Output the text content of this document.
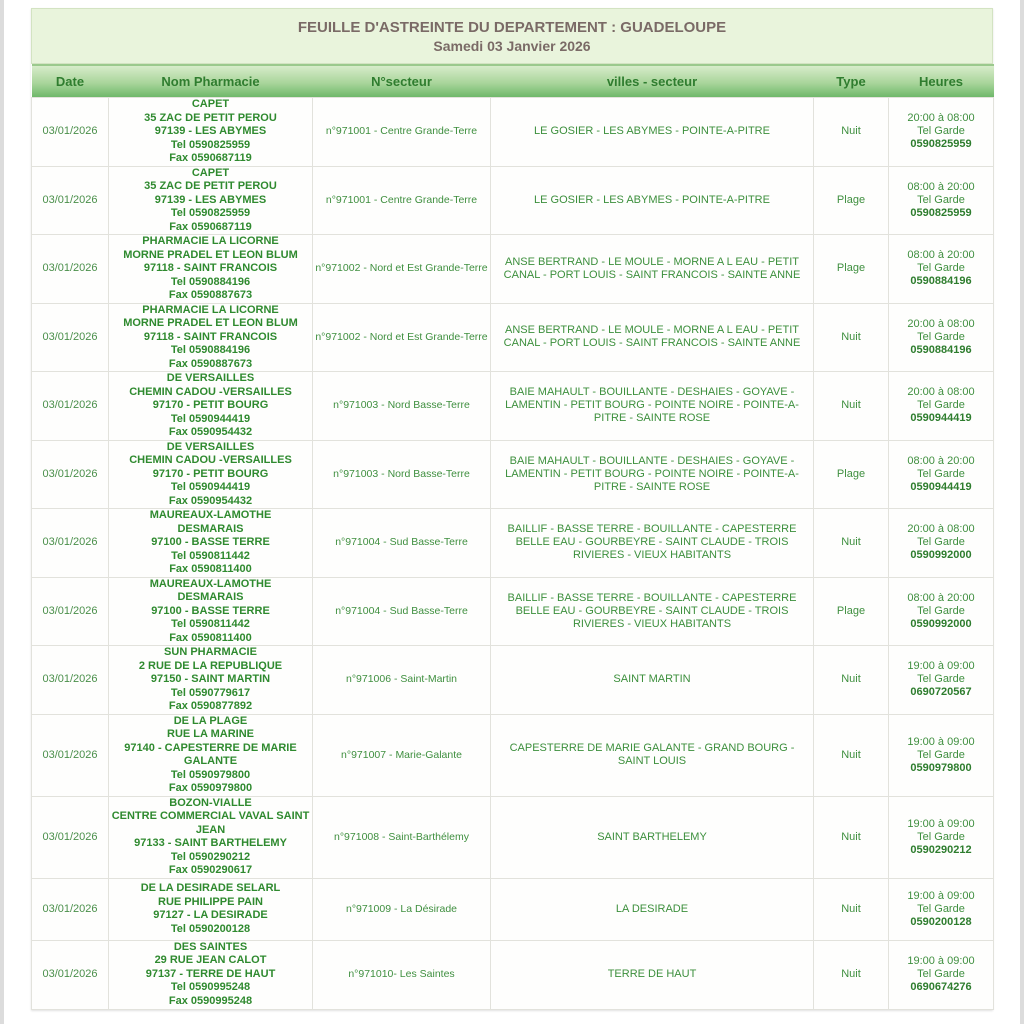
FEUILLE D'ASTREINTE DU DEPARTEMENT : GUADELOUPE
Samedi 03 Janvier 2026
Date	Nom Pharmacie	N°secteur	villes - secteur	Type	Heures
03/01/2026	CAPET
35 ZAC DE PETIT PEROU
97139 - LES ABYMES
Tel 0590825959
Fax 0590687119	n°971001 - Centre Grande-Terre	LE GOSIER - LES ABYMES - POINTE-A-PITRE	Nuit	20:00 à 08:00
Tel Garde
0590825959

03/01/2026	CAPET
35 ZAC DE PETIT PEROU
97139 - LES ABYMES
Tel 0590825959
Fax 0590687119	n°971001 - Centre Grande-Terre	LE GOSIER - LES ABYMES - POINTE-A-PITRE	Plage	08:00 à 20:00
Tel Garde
0590825959

03/01/2026	PHARMACIE LA LICORNE
MORNE PRADEL ET LEON BLUM
97118 - SAINT FRANCOIS
Tel 0590884196
Fax 0590887673	n°971002 - Nord et Est Grande-Terre	ANSE BERTRAND - LE MOULE - MORNE A L EAU - PETIT CANAL - PORT LOUIS - SAINT FRANCOIS - SAINTE ANNE	Plage	08:00 à 20:00
Tel Garde
0590884196

03/01/2026	PHARMACIE LA LICORNE
MORNE PRADEL ET LEON BLUM
97118 - SAINT FRANCOIS
Tel 0590884196
Fax 0590887673	n°971002 - Nord et Est Grande-Terre	ANSE BERTRAND - LE MOULE - MORNE A L EAU - PETIT CANAL - PORT LOUIS - SAINT FRANCOIS - SAINTE ANNE	Nuit	20:00 à 08:00
Tel Garde
0590884196

03/01/2026	DE VERSAILLES
CHEMIN CADOU -VERSAILLES
97170 - PETIT BOURG
Tel 0590944419
Fax 0590954432	n°971003 - Nord Basse-Terre	BAIE MAHAULT - BOUILLANTE - DESHAIES - GOYAVE - LAMENTIN - PETIT BOURG - POINTE NOIRE - POINTE-A-PITRE - SAINTE ROSE	Nuit	20:00 à 08:00
Tel Garde
0590944419

03/01/2026	DE VERSAILLES
CHEMIN CADOU -VERSAILLES
97170 - PETIT BOURG
Tel 0590944419
Fax 0590954432	n°971003 - Nord Basse-Terre	BAIE MAHAULT - BOUILLANTE - DESHAIES - GOYAVE - LAMENTIN - PETIT BOURG - POINTE NOIRE - POINTE-A-PITRE - SAINTE ROSE	Plage	08:00 à 20:00
Tel Garde
0590944419

03/01/2026	MAUREAUX-LAMOTHE
DESMARAIS
97100 - BASSE TERRE
Tel 0590811442
Fax 0590811400	n°971004 - Sud Basse-Terre	BAILLIF - BASSE TERRE - BOUILLANTE - CAPESTERRE BELLE EAU - GOURBEYRE - SAINT CLAUDE - TROIS RIVIERES - VIEUX HABITANTS	Nuit	20:00 à 08:00
Tel Garde
0590992000

03/01/2026	MAUREAUX-LAMOTHE
DESMARAIS
97100 - BASSE TERRE
Tel 0590811442
Fax 0590811400	n°971004 - Sud Basse-Terre	BAILLIF - BASSE TERRE - BOUILLANTE - CAPESTERRE BELLE EAU - GOURBEYRE - SAINT CLAUDE - TROIS RIVIERES - VIEUX HABITANTS	Plage	08:00 à 20:00
Tel Garde
0590992000

03/01/2026	SUN PHARMACIE
2 RUE DE LA REPUBLIQUE
97150 - SAINT MARTIN
Tel 0590779617
Fax 0590877892	n°971006 - Saint-Martin	SAINT MARTIN	Nuit	19:00 à 09:00
Tel Garde
0690720567

03/01/2026	DE LA PLAGE
RUE LA MARINE
97140 - CAPESTERRE DE MARIE GALANTE
Tel 0590979800
Fax 0590979800	n°971007 - Marie-Galante	CAPESTERRE DE MARIE GALANTE - GRAND BOURG - SAINT LOUIS	Nuit	19:00 à 09:00
Tel Garde
0590979800

03/01/2026	BOZON-VIALLE
CENTRE COMMERCIAL VAVAL SAINT JEAN
97133 - SAINT BARTHELEMY
Tel 0590290212
Fax 0590290617	n°971008 - Saint-Barthélemy	SAINT BARTHELEMY	Nuit	19:00 à 09:00
Tel Garde
0590290212

03/01/2026	DE LA DESIRADE SELARL
RUE PHILIPPE PAIN
97127 - LA DESIRADE
Tel 0590200128	n°971009 - La Désirade	LA DESIRADE	Nuit	19:00 à 09:00
Tel Garde
0590200128

03/01/2026	DES SAINTES
29 RUE JEAN CALOT
97137 - TERRE DE HAUT
Tel 0590995248
Fax 0590995248	n°971010- Les Saintes	TERRE DE HAUT	Nuit	19:00 à 09:00
Tel Garde
0690674276
